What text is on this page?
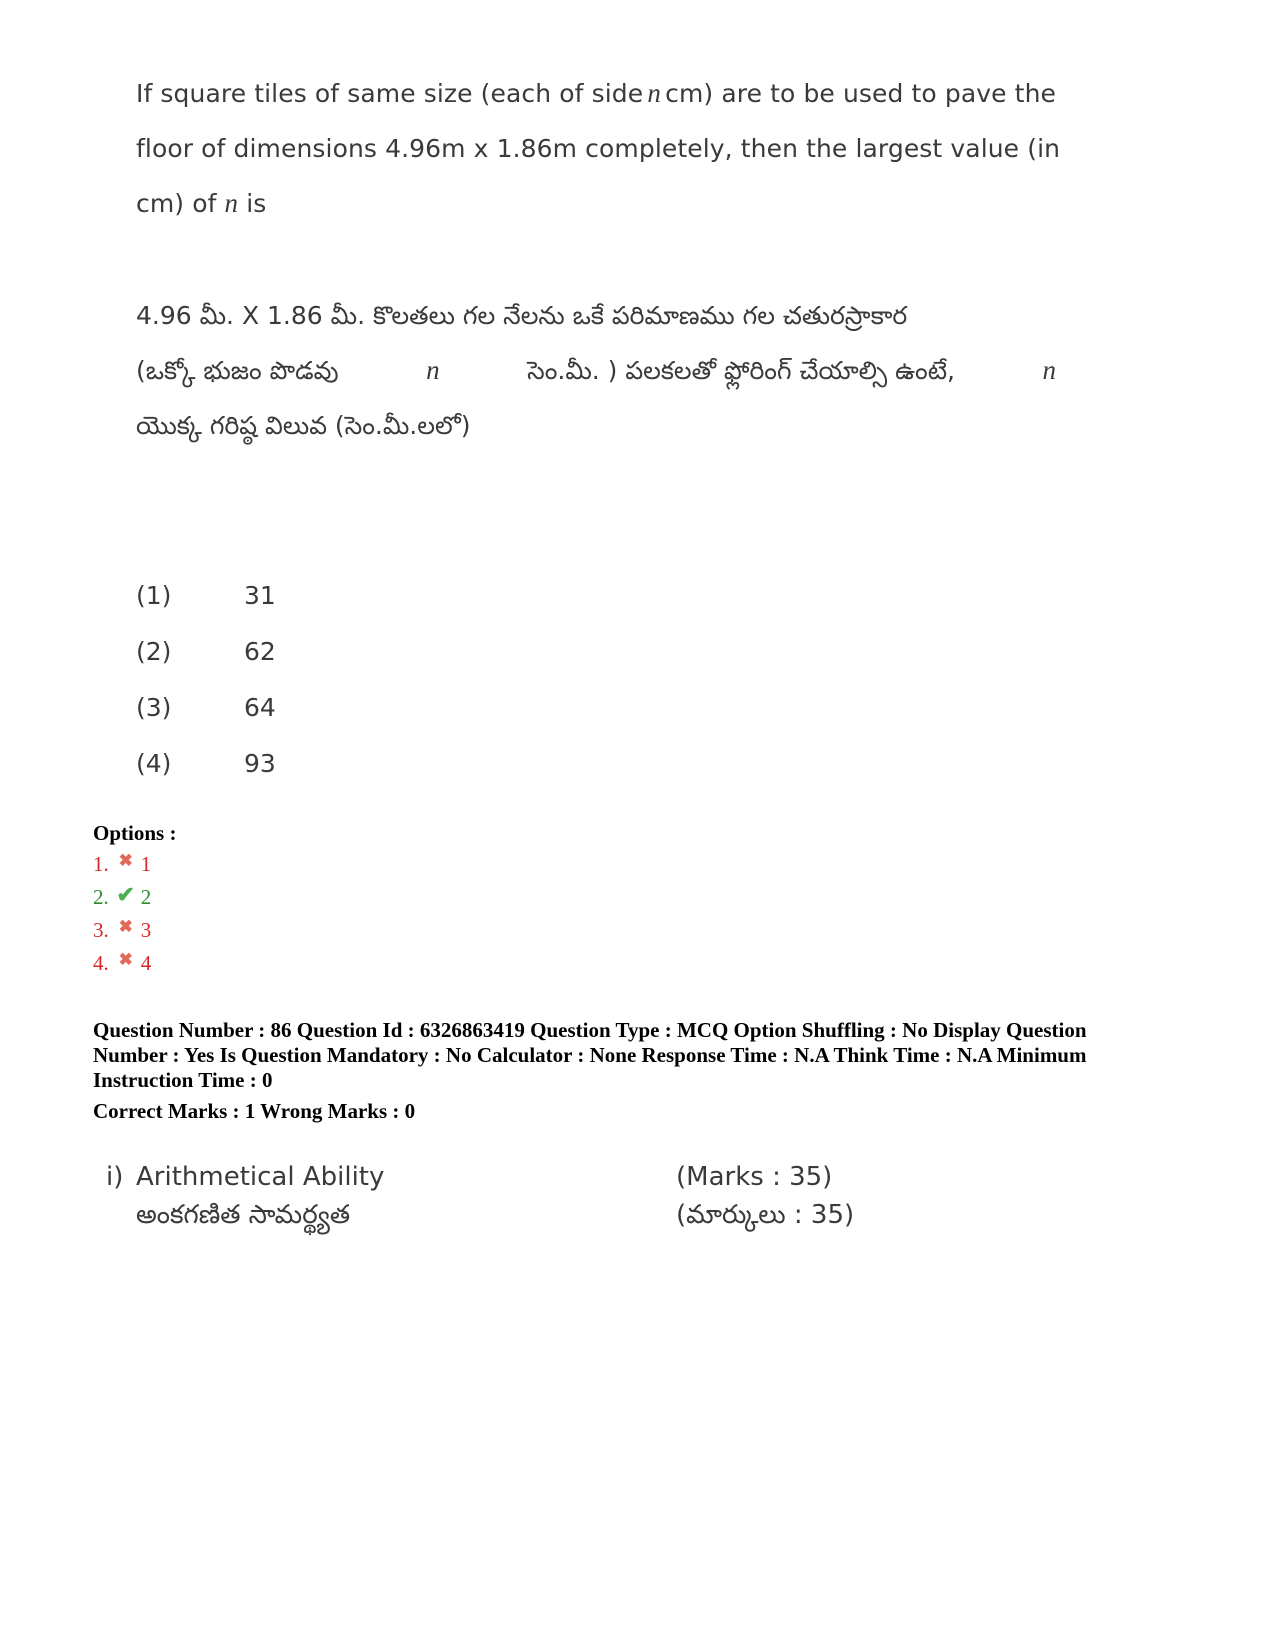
If square tiles of same size (each of side n cm) are to be used to pave the
floor of dimensions 4.96m x 1.86m completely, then the largest value (in
cm) of n is
4.96 మీ. X 1.86 మీ. కొలతలు గల నేలను ఒకే పరిమాణము గల చతురస్రాకార
(ఒక్కో భుజం పొడవు	n	సెం.మీ. ) పలకలతో ఫ్లోరింగ్ చేయాల్సి ఉంటే,	n
యొక్క గరిష్ఠ విలువ (సెం.మీ.లలో)
(1)	31
(2)	62
(3)	64
(4)	93
Options :
1. ✖ 1
2. ✔ 2
3. ✖ 3
4. ✖ 4
Question Number : 86 Question Id : 6326863419 Question Type : MCQ Option Shuffling : No Display Question
Number : Yes Is Question Mandatory : No Calculator : None Response Time : N.A Think Time : N.A Minimum
Instruction Time : 0
Correct Marks : 1 Wrong Marks : 0
i) Arithmetical Ability	(Marks : 35)
అంకగణిత సామర్థ్యత	(మార్కులు : 35)
